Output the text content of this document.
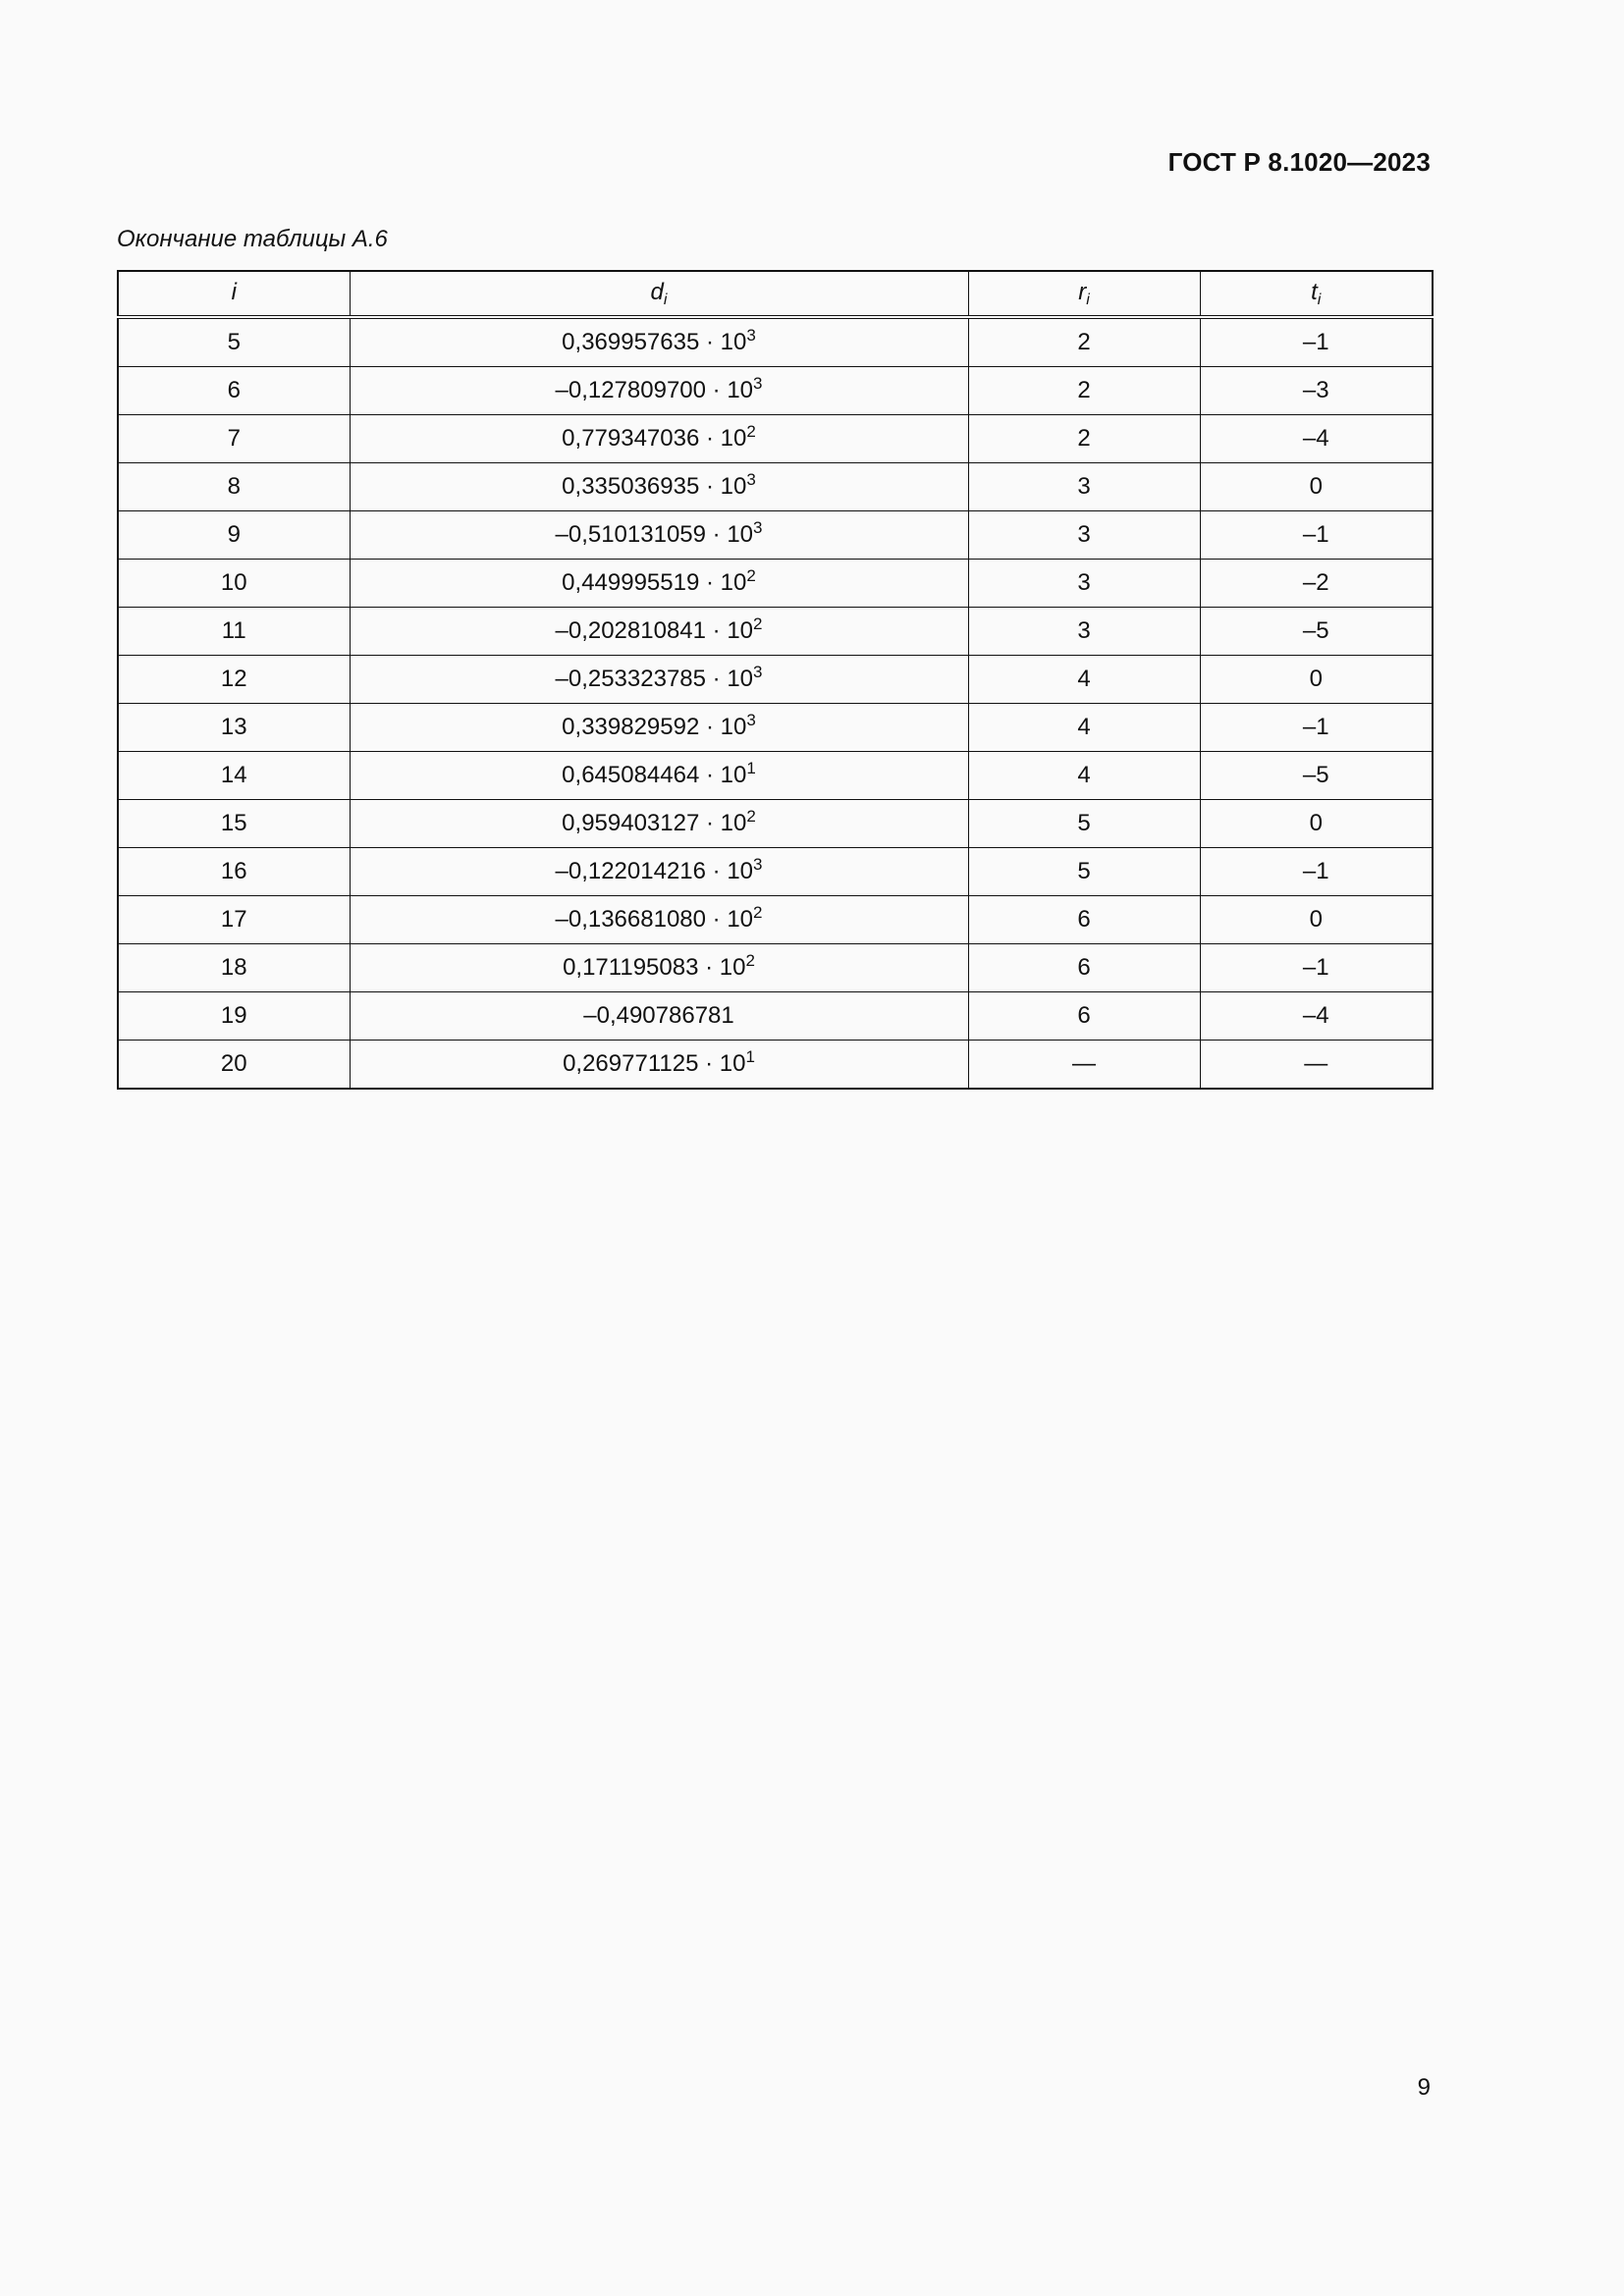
ГОСТ Р 8.1020—2023
Окончание таблицы А.6
i	$d_i$	$r_i$	$t_i$
5	$0,369957635 \cdot 10^3$	2	–1
6	$-0,127809700 \cdot 10^3$	2	–3
7	$0,779347036 \cdot 10^2$	2	–4
8	$0,335036935 \cdot 10^3$	3	0
9	$-0,510131059 \cdot 10^3$	3	–1
10	$0,449995519 \cdot 10^2$	3	–2
11	$-0,202810841 \cdot 10^2$	3	–5
12	$-0,253323785 \cdot 10^3$	4	0
13	$0,339829592 \cdot 10^3$	4	–1
14	$0,645084464 \cdot 10^1$	4	–5
15	$0,959403127 \cdot 10^2$	5	0
16	$-0,122014216 \cdot 10^3$	5	–1
17	$-0,136681080 \cdot 10^2$	6	0
18	$0,171195083 \cdot 10^2$	6	–1
19	–0,490786781	6	–4
20	$0,269771125 \cdot 10^1$	—	—
9
